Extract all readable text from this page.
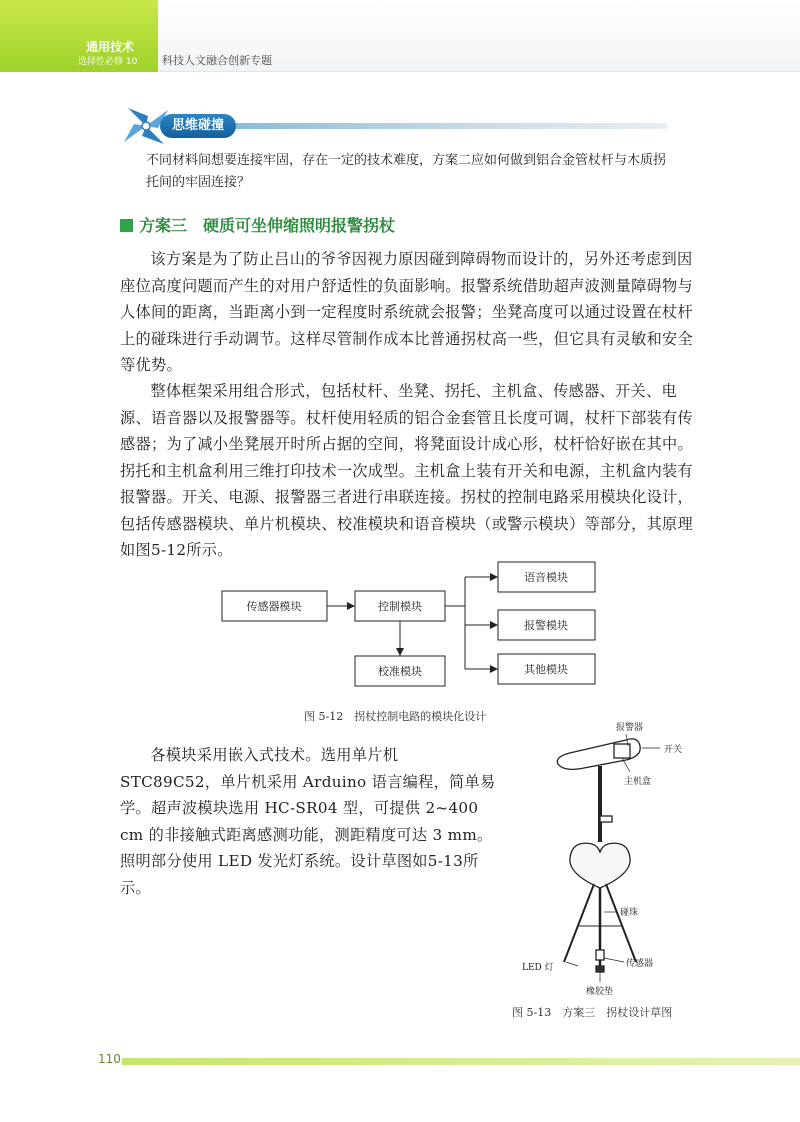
通用技术
选择性必修 10 科技人文融合创新专题
思维碰撞

不同材料间想要连接牢固，存在一定的技术难度，方案二应如何做到铝合金管杖杆与木质拐托间的牢固连接？

方案三　硬质可坐伸缩照明报警拐杖

该方案是为了防止吕山的爷爷因视力原因碰到障碍物而设计的，另外还考虑到因座位高度问题而产生的对用户舒适性的负面影响。报警系统借助超声波测量障碍物与人体间的距离，当距离小到一定程度时系统就会报警；坐凳高度可以通过设置在杖杆上的碰珠进行手动调节。这样尽管制作成本比普通拐杖高一些，但它具有灵敏和安全等优势。

整体框架采用组合形式，包括杖杆、坐凳、拐托、主机盒、传感器、开关、电源、语音器以及报警器等。杖杆使用轻质的铝合金套管且长度可调，杖杆下部装有传感器；为了减小坐凳展开时所占据的空间，将凳面设计成心形，杖杆恰好嵌在其中。拐托和主机盒利用三维打印技术一次成型。主机盒上装有开关和电源，主机盒内装有报警器。开关、电源、报警器三者进行串联连接。拐杖的控制电路采用模块化设计，包括传感器模块、单片机模块、校准模块和语音模块（或警示模块）等部分，其原理如图5-12所示。

传感器模块	控制模块
校准模块
语音模块
报警模块
其他模块
图 5-12　拐杖控制电路的模块化设计

各模块采用嵌入式技术。选用单片机 STC89C52，单片机采用 Arduino 语言编程，简单易学。超声波模块选用 HC-SR04 型，可提供 2~400 cm 的非接触式距离感测功能，测距精度可达 3 mm。照明部分使用 LED 发光灯系统。设计草图如5-13所示。

报警器
开关
主机盒
碰珠
LED 灯	传感器
橡胶垫
图 5-13　方案三　拐杖设计草图
110
